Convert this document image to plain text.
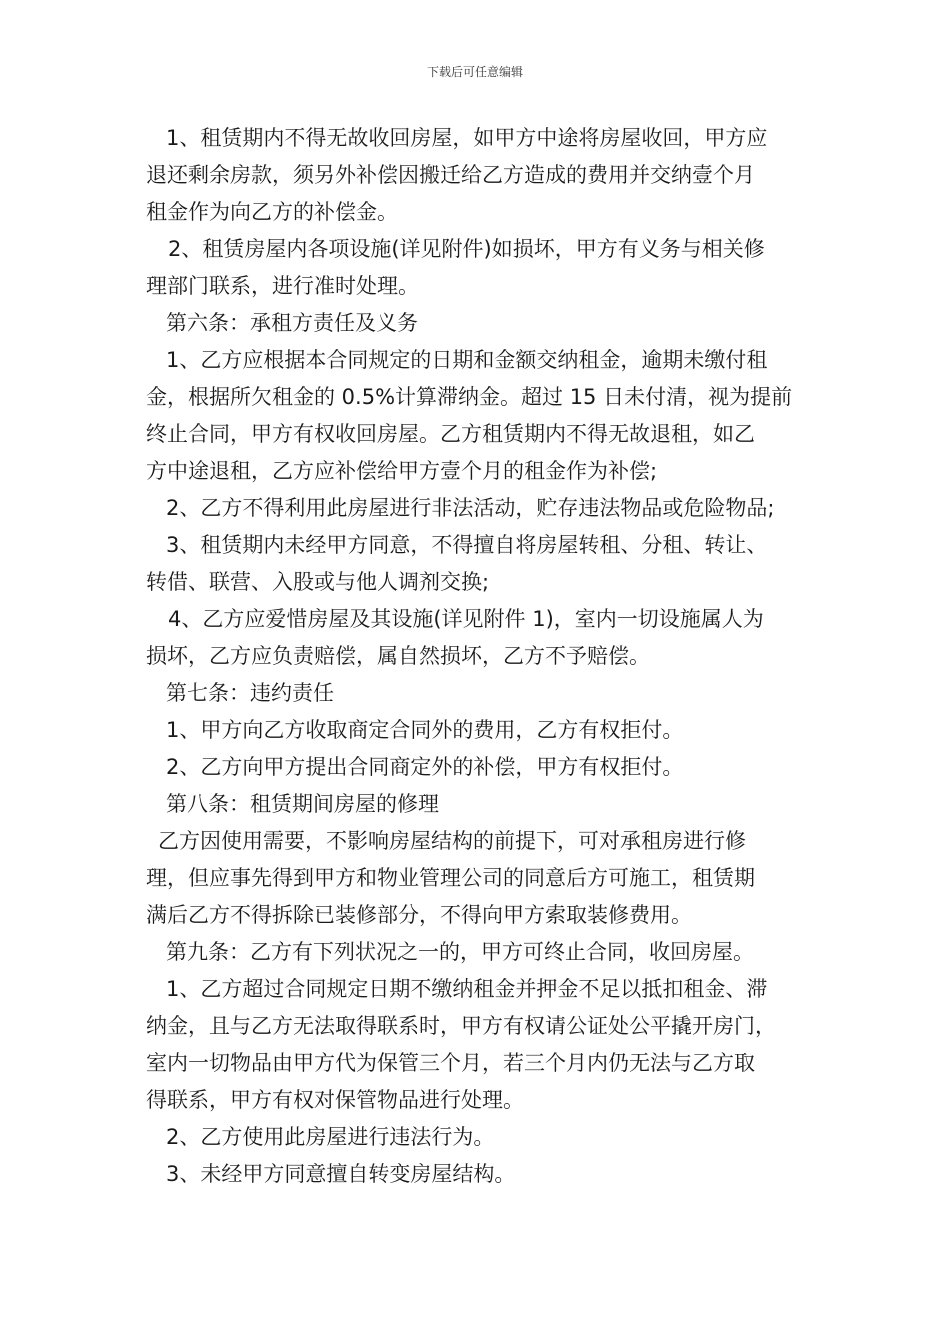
下载后可任意编辑
1、租赁期内不得无故收回房屋，如甲方中途将房屋收回，甲方应
退还剩余房款，须另外补偿因搬迁给乙方造成的费用并交纳壹个月
租金作为向乙方的补偿金。
2、租赁房屋内各项设施(详见附件)如损坏，甲方有义务与相关修
理部门联系，进行准时处理。
第六条：承租方责任及义务
1、乙方应根据本合同规定的日期和金额交纳租金，逾期未缴付租
金，根据所欠租金的 0.5%计算滞纳金。超过 15 日未付清，视为提前
终止合同，甲方有权收回房屋。乙方租赁期内不得无故退租，如乙
方中途退租，乙方应补偿给甲方壹个月的租金作为补偿;
2、乙方不得利用此房屋进行非法活动，贮存违法物品或危险物品;
3、租赁期内未经甲方同意，不得擅自将房屋转租、分租、转让、
转借、联营、入股或与他人调剂交换;
4、乙方应爱惜房屋及其设施(详见附件 1)，室内一切设施属人为
损坏，乙方应负责赔偿，属自然损坏，乙方不予赔偿。
第七条：违约责任
1、甲方向乙方收取商定合同外的费用，乙方有权拒付。
2、乙方向甲方提出合同商定外的补偿，甲方有权拒付。
第八条：租赁期间房屋的修理
乙方因使用需要，不影响房屋结构的前提下，可对承租房进行修
理，但应事先得到甲方和物业管理公司的同意后方可施工，租赁期
满后乙方不得拆除已装修部分，不得向甲方索取装修费用。
第九条：乙方有下列状况之一的，甲方可终止合同，收回房屋。
1、乙方超过合同规定日期不缴纳租金并押金不足以抵扣租金、滞
纳金，且与乙方无法取得联系时，甲方有权请公证处公平撬开房门，
室内一切物品由甲方代为保管三个月，若三个月内仍无法与乙方取
得联系，甲方有权对保管物品进行处理。
2、乙方使用此房屋进行违法行为。
3、未经甲方同意擅自转变房屋结构。
